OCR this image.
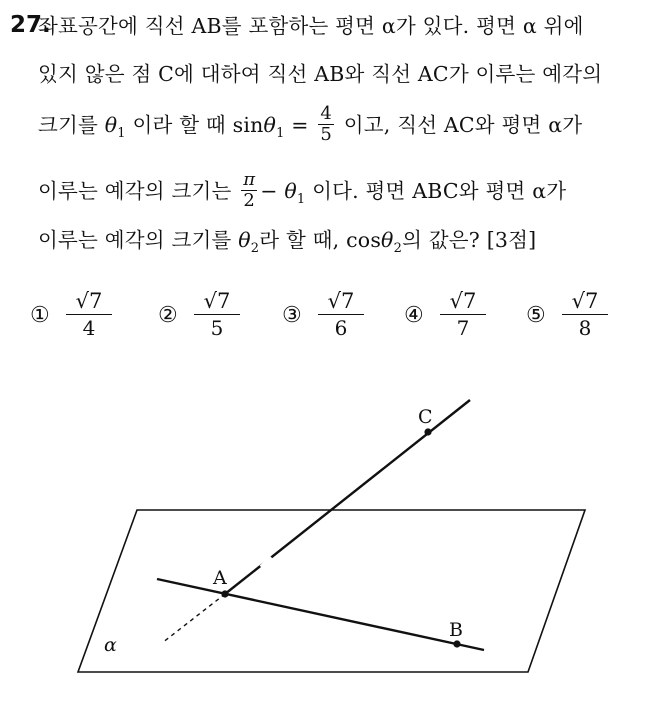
27.
좌표공간에 직선 AB를 포함하는 평면 α가 있다. 평면 α 위에
있지 않은 점 C에 대하여 직선 AB와 직선 AC가 이루는 예각의
크기를 $\theta_1$ 이라 할 때 $\sin\theta_1 = \frac{4}{5}$ 이고, 직선 AC와 평면 α가
이루는 예각의 크기는 $\frac{\pi}{2} - \theta_1$ 이다. 평면 ABC와 평면 α가
이루는 예각의 크기를 $\theta_2$라 할 때, cosθ$_2$의 값은? [3점]
① $\frac{√7}{4}$ ② $\frac{√7}{5}$ ③ $\frac{√7}{6}$ ④ $\frac{√7}{7}$ ⑤ $\frac{√7}{8}$
A
B
C
α
